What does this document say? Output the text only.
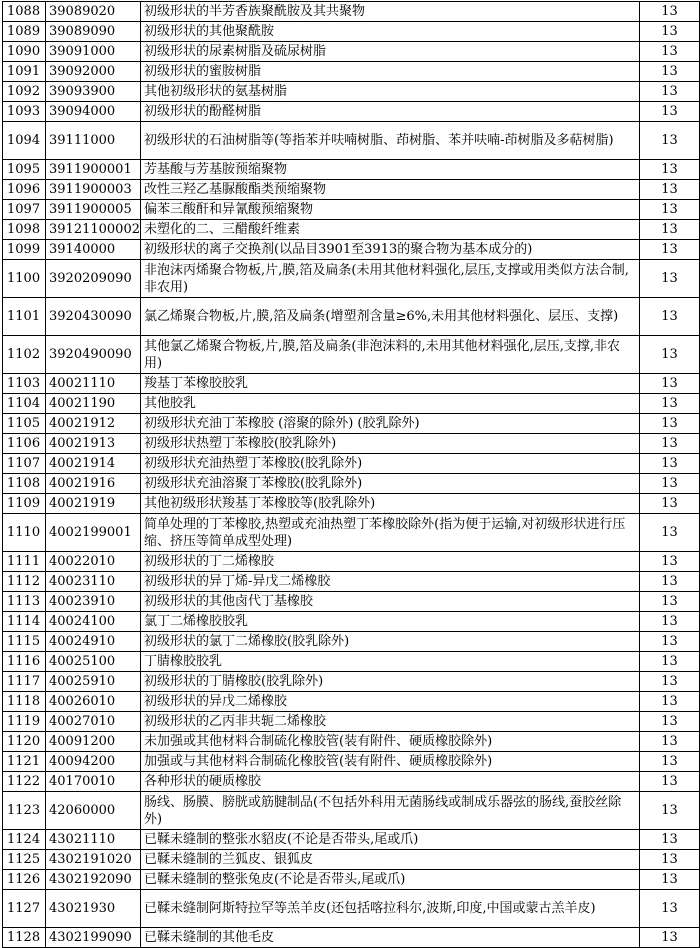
1088	39089020	初级形状的半芳香族聚酰胺及其共聚物	13
1089	39089090	初级形状的其他聚酰胺	13
1090	39091000	初级形状的尿素树脂及硫尿树脂	13
1091	39092000	初级形状的蜜胺树脂	13
1092	39093900	其他初级形状的氨基树脂	13
1093	39094000	初级形状的酚醛树脂	13
1094	39111000	初级形状的石油树脂等(等指苯并呋喃树脂、茚树脂、苯并呋喃-茚树脂及多萜树脂)	13
1095	3911900001	芳基酸与芳基胺预缩聚物	13
1096	3911900003	改性三羟乙基脲酸酯类预缩聚物	13
1097	3911900005	偏苯三酸酐和异氰酸预缩聚物	13
1098	39121100002	未塑化的二、三醋酸纤维素	13
1099	39140000	初级形状的离子交换剂(以品目3901至3913的聚合物为基本成分的)	13
1100	3920209090	非泡沫丙烯聚合物板,片,膜,箔及扁条(未用其他材料强化,层压,支撑或用类似方法合制,非农用)	13
1101	3920430090	氯乙烯聚合物板,片,膜,箔及扁条(增塑剂含量≥6%,未用其他材料强化、层压、支撑)	13
1102	3920490090	其他氯乙烯聚合物板,片,膜,箔及扁条(非泡沫料的,未用其他材料强化,层压,支撑,非农用)	13
1103	40021110	羧基丁苯橡胶胶乳	13
1104	40021190	其他胶乳	13
1105	40021912	初级形状充油丁苯橡胶 (溶聚的除外) (胶乳除外)	13
1106	40021913	初级形状热塑丁苯橡胶(胶乳除外)	13
1107	40021914	初级形状充油热塑丁苯橡胶(胶乳除外)	13
1108	40021916	初级形状充油溶聚丁苯橡胶(胶乳除外)	13
1109	40021919	其他初级形状羧基丁苯橡胶等(胶乳除外)	13
1110	4002199001	简单处理的丁苯橡胶,热塑或充油热塑丁苯橡胶除外(指为便于运输,对初级形状进行压缩、挤压等简单成型处理)	13
1111	40022010	初级形状的丁二烯橡胶	13
1112	40023110	初级形状的异丁烯-异戊二烯橡胶	13
1113	40023910	初级形状的其他卤代丁基橡胶	13
1114	40024100	氯丁二烯橡胶胶乳	13
1115	40024910	初级形状的氯丁二烯橡胶(胶乳除外)	13
1116	40025100	丁腈橡胶胶乳	13
1117	40025910	初级形状的丁腈橡胶(胶乳除外)	13
1118	40026010	初级形状的异戊二烯橡胶	13
1119	40027010	初级形状的乙丙非共轭二烯橡胶	13
1120	40091200	未加强或其他材料合制硫化橡胶管(装有附件、硬质橡胶除外)	13
1121	40094200	加强或与其他材料合制硫化橡胶管(装有附件、硬质橡胶除外)	13
1122	40170010	各种形状的硬质橡胶	13
1123	42060000	肠线、肠膜、膀胱或筋腱制品(不包括外科用无菌肠线或制成乐器弦的肠线,蚕胶丝除外)	13
1124	43021110	已鞣未缝制的整张水貂皮(不论是否带头,尾或爪)	13
1125	4302191020	已鞣未缝制的兰狐皮、银狐皮	13
1126	4302192090	已鞣未缝制的整张兔皮(不论是否带头,尾或爪)	13
1127	43021930	已鞣未缝制阿斯特拉罕等羔羊皮(还包括喀拉科尔,波斯,印度,中国或蒙古羔羊皮)	13
1128	4302199090	已鞣未缝制的其他毛皮	13
